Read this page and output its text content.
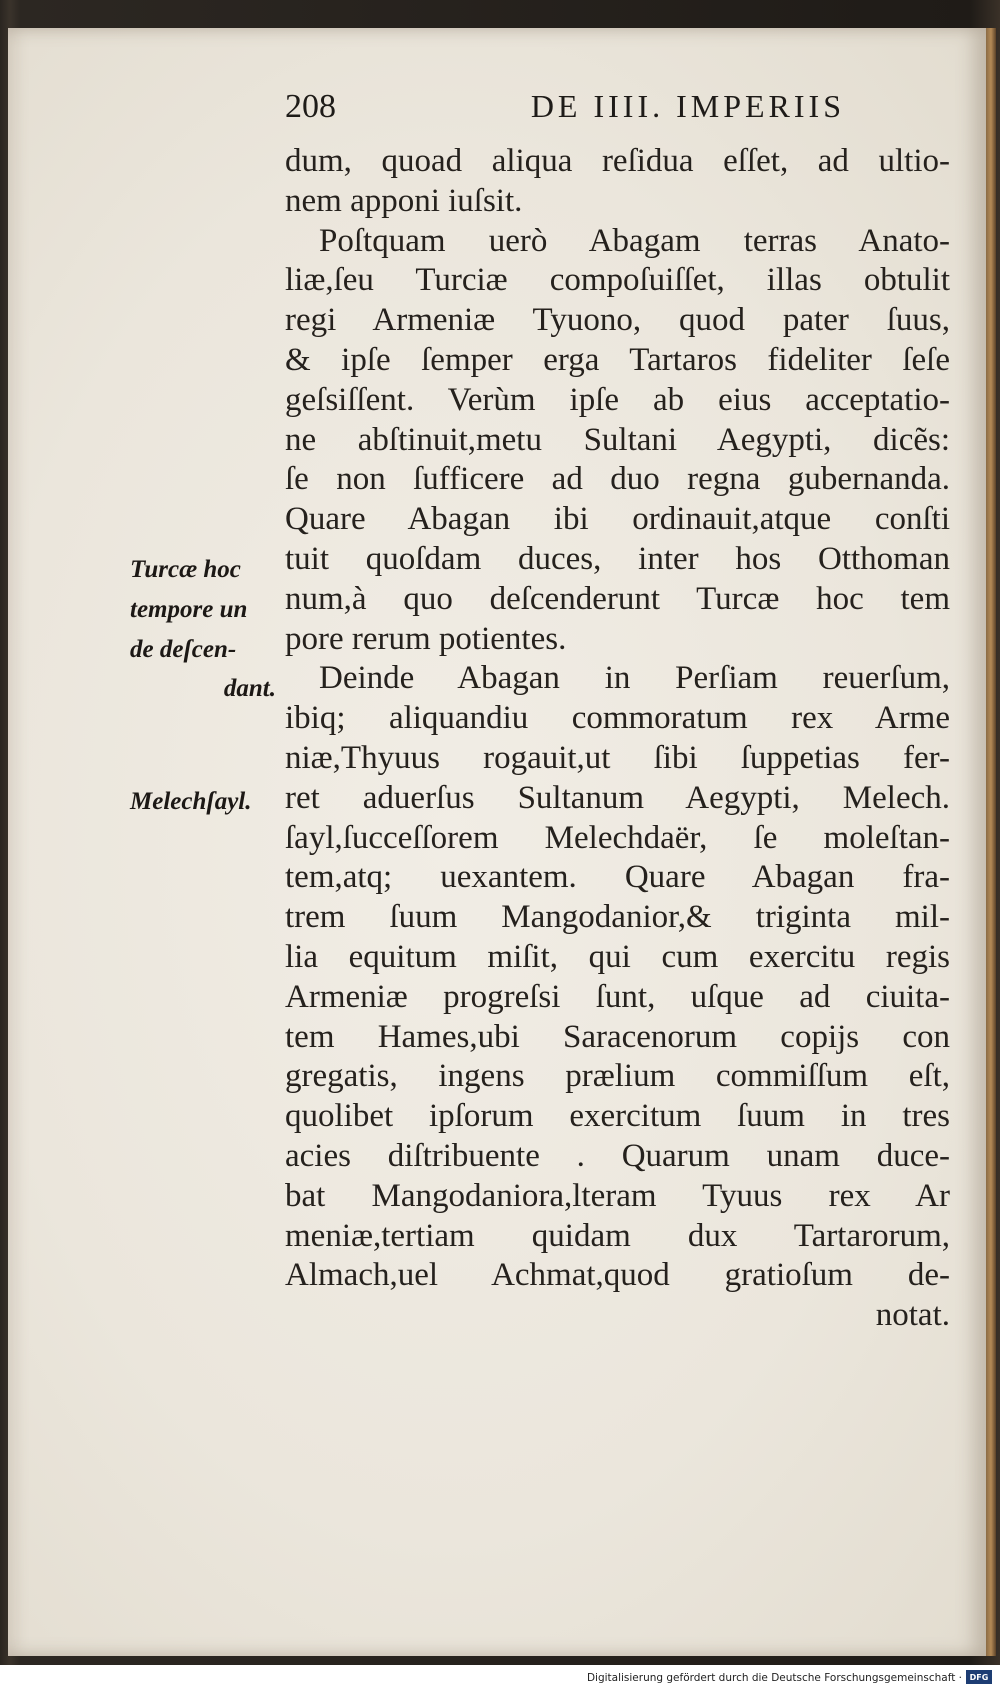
208	DE IIII. IMPERIIS
dum, quoad aliqua reſidua eſſet, ad ultio-
nem apponi iuſsit.
Poſtquam uerò Abagam terras Anato-
liæ,ſeu Turciæ compoſuiſſet, illas obtulit
regi Armeniæ Tyuono, quod pater ſuus,
& ipſe ſemper erga Tartaros fideliter ſeſe
geſsiſſent. Verùm ipſe ab eius acceptatio-
ne abſtinuit,metu Sultani Aegypti, dicẽs:
ſe non ſufficere ad duo regna gubernanda.
Quare Abagan ibi ordinauit,atque conſti
tuit quoſdam duces, inter hos Otthoman
num,à quo deſcenderunt Turcæ hoc tem
pore rerum potientes.
Deinde Abagan in Perſiam reuerſum,
ibiq; aliquandiu commoratum rex Arme
niæ,Thyuus rogauit,ut ſibi ſuppetias fer-
ret aduerſus Sultanum Aegypti, Melech.
ſayl,ſucceſſorem Melechdaër, ſe moleſtan-
tem,atq; uexantem. Quare Abagan fra-
trem ſuum Mangodanior,& triginta mil-
lia equitum miſit, qui cum exercitu regis
Armeniæ progreſsi ſunt, uſque ad ciuita-
tem Hames,ubi Saracenorum copijs con
gregatis, ingens prælium commiſſum eſt,
quolibet ipſorum exercitum ſuum in tres
acies diſtribuente . Quarum unam duce-
bat Mangodaniora,lteram Tyuus rex Ar
meniæ,tertiam quidam dux Tartarorum,
Almach,uel Achmat,quod gratioſum de-
notat.
Turcæ hoc
tempore un
de deſcen-
dant.
Melechſayl.
Digitalisierung gefördert durch die Deutsche Forschungsgemeinschaft · DFG
